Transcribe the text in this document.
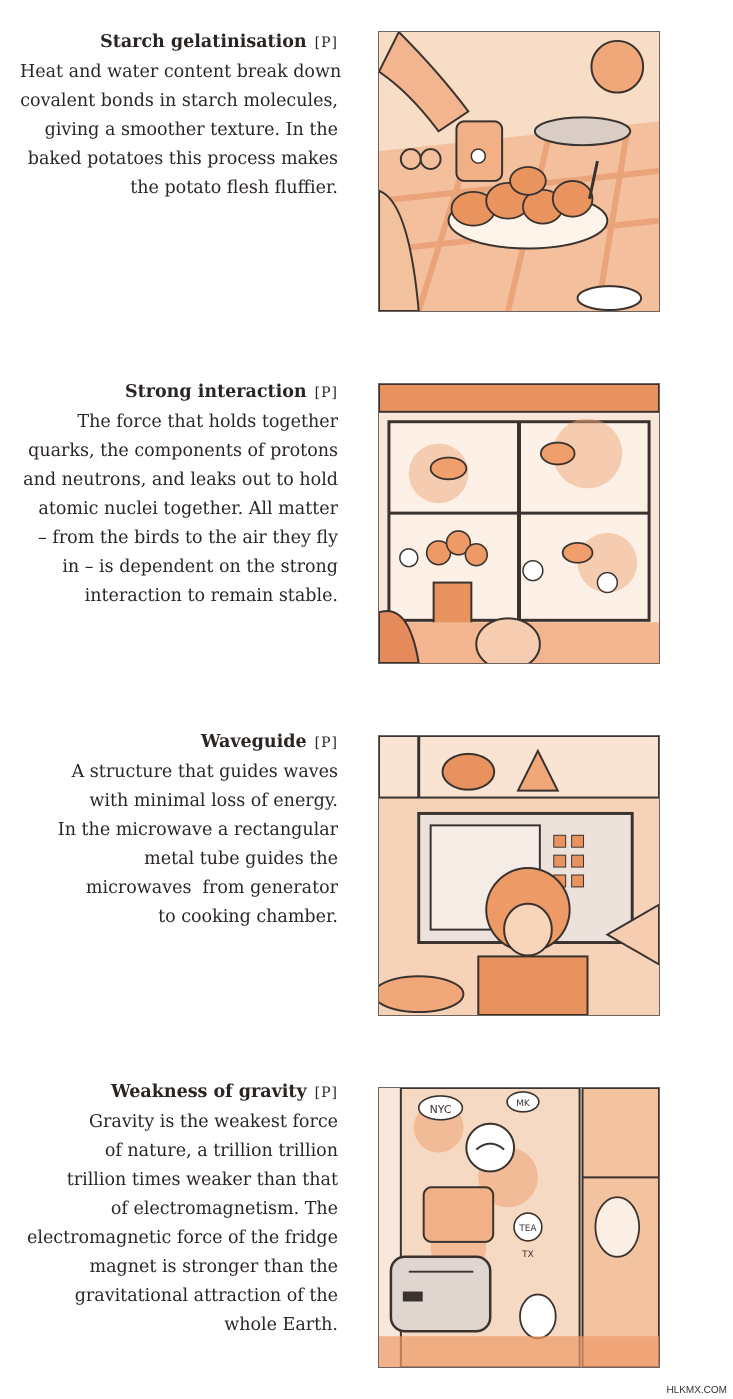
Starch gelatinisation [P]

Heat and water content break down

covalent bonds in starch molecules,

giving a smoother texture. In the

baked potatoes this process makes

the potato flesh fluffier.

Strong interaction [P]

The force that holds together

quarks, the components of protons

and neutrons, and leaks out to hold

atomic nuclei together. All matter

– from the birds to the air they fly

in – is dependent on the strong

interaction to remain stable.

Waveguide [P]

A structure that guides waves

with minimal loss of energy.

In the microwave a rectangular

metal tube guides the

microwaves  from generator

to cooking chamber.

Weakness of gravity [P]

Gravity is the weakest force

of nature, a trillion trillion

trillion times weaker than that

of electromagnetism. The

electromagnetic force of the fridge

magnet is stronger than the

gravitational attraction of the

whole Earth.

NYC	MK
TEA
TX
HLKMX.COM
